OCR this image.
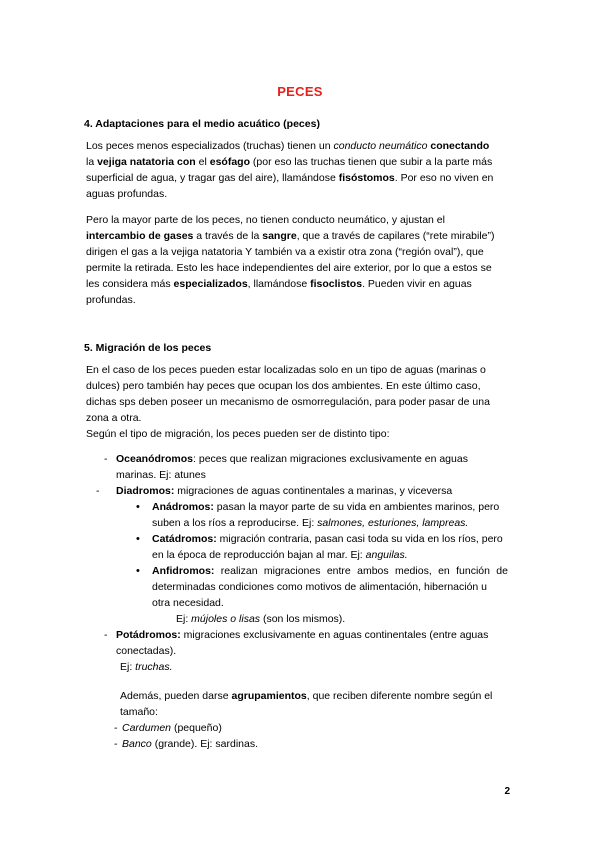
PECES
4. Adaptaciones para el medio acuático (peces)
Los peces menos especializados (truchas) tienen un conducto neumático conectando
la vejiga natatoria con el esófago (por eso las truchas tienen que subir a la parte más
superficial de agua, y tragar gas del aire), llamándose fisóstomos. Por eso no viven en
aguas profundas.
Pero la mayor parte de los peces, no tienen conducto neumático, y ajustan el
intercambio de gases a través de la sangre, que a través de capilares (“rete mirabile”)
dirigen el gas a la vejiga natatoria Y también va a existir otra zona (“región oval”), que
permite la retirada. Esto les hace independientes del aire exterior, por lo que a estos se
les considera más especializados, llamándose fisoclistos. Pueden vivir en aguas
profundas.
5. Migración de los peces
En el caso de los peces pueden estar localizadas solo en un tipo de aguas (marinas o
dulces) pero también hay peces que ocupan los dos ambientes. En este último caso,
dichas sps deben poseer un mecanismo de osmorregulación, para poder pasar de una
zona a otra.
Según el tipo de migración, los peces pueden ser de distinto tipo:
- Oceanódromos: peces que realizan migraciones exclusivamente en aguas
marinas. Ej: atunes
- Diadromos: migraciones de aguas continentales a marinas, y viceversa
• Anádromos: pasan la mayor parte de su vida en ambientes marinos, pero
suben a los ríos a reproducirse. Ej: salmones, esturiones, lampreas.
• Catádromos: migración contraria, pasan casi toda su vida en los ríos, pero
en la época de reproducción bajan al mar. Ej: anguilas.
• Anfidromos: realizan migraciones entre ambos medios, en función de
determinadas condiciones como motivos de alimentación, hibernación u
otra necesidad.
Ej: mújoles o lisas (son los mismos).
- Potádromos: migraciones exclusivamente en aguas continentales (entre aguas
conectadas).
Ej: truchas.
Además, pueden darse agrupamientos, que reciben diferente nombre según el
tamaño:
- Cardumen (pequeño)
- Banco (grande). Ej: sardinas.
2
